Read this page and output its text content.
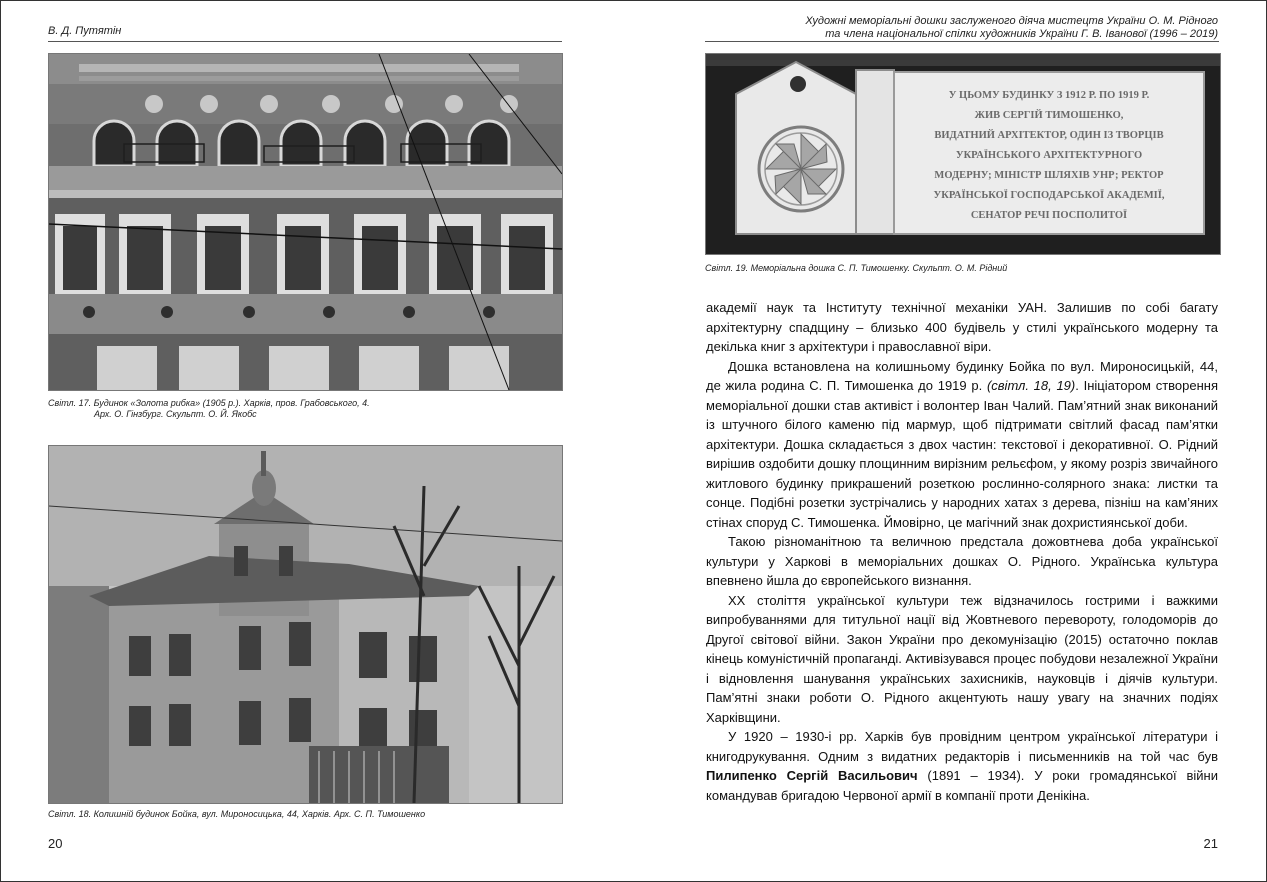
В. Д. Путятін
Світл. 17. Будинок «Золота рибка» (1905 р.). Харків, пров. Грабовського, 4.
Арх. О. Гінзбург. Скульпт. О. Й. Якобс
Світл. 18. Колишній будинок Бойка, вул. Мироносицька, 44, Харків. Арх. С. П. Тимошенко
20
Художні меморіальні дошки заслуженого діяча мистецтв України О. М. Рідного
та члена національної спілки художників України Г. В. Іванової (1996 – 2019)
У ЦЬОМУ БУДИНКУ З 1912 Р. ПО 1919 Р.
ЖИВ СЕРГІЙ ТИМОШЕНКО,
ВИДАТНИЙ АРХІТЕКТОР, ОДИН ІЗ ТВОРЦІВ
УКРАЇНСЬКОГО АРХІТЕКТУРНОГО
МОДЕРНУ; МІНІСТР ШЛЯХІВ УНР; РЕКТОР
УКРАЇНСЬКОЇ ГОСПОДАРСЬКОЇ АКАДЕМІЇ,
СЕНАТОР РЕЧІ ПОСПОЛИТОЇ
Світл. 19. Меморіальна дошка С. П. Тимошенку. Скульпт. О. М. Рідний

академії наук та Інституту технічної механіки УАН. Залишив по собі багату архітектурну спадщину – близько 400 будівель у стилі українського модерну та декілька книг з архітектури і православної віри.

Дошка встановлена на колишньому будинку Бойка по вул. Мироносицькій, 44, де жила родина С. П. Тимошенка до 1919 р. (світл. 18, 19). Ініціатором створення меморіальної дошки став активіст і волонтер Іван Чалий. Пам’ятний знак виконаний із штучного білого каменю під мармур, щоб підтримати світлий фасад пам’ятки архітектури. Дошка складається з двох частин: текстової і декоративної. О. Рідний вирішив оздобити дошку площинним вирізним рельєфом, у якому розріз звичайного житлового будинку прикрашений розеткою рослинно-солярного знака: листки та сонце. Подібні розетки зустрічались у народних хатах з дерева, пізніш на кам’яних стінах споруд С. Тимошенка. Ймовірно, це магічний знак дохристиянської доби.

Такою різноманітною та величною предстала дожовтнева доба української культури у Харкові в меморіальних дошках О. Рідного. Українська культура впевнено йшла до європейського визнання.

ХХ століття української культури теж відзначилось гострими і важкими випробуваннями для титульної нації від Жовтневого перевороту, голодоморів до Другої світової війни. Закон України про декомунізацію (2015) остаточно поклав кінець комуністичній пропаганді. Активізувався процес побудови незалежної України і відновлення шанування українських захисників, науковців і діячів культури. Пам’ятні знаки роботи О. Рідного акцентують нашу увагу на значних подіях Харківщини.

У 1920 – 1930-і рр. Харків був провідним центром української літератури і книгодрукування. Одним з видатних редакторів і письменників на той час був Пилипенко Сергій Васильович (1891 – 1934). У роки громадянської війни командував бригадою Червоної армії в компанії проти Денікіна.

21
